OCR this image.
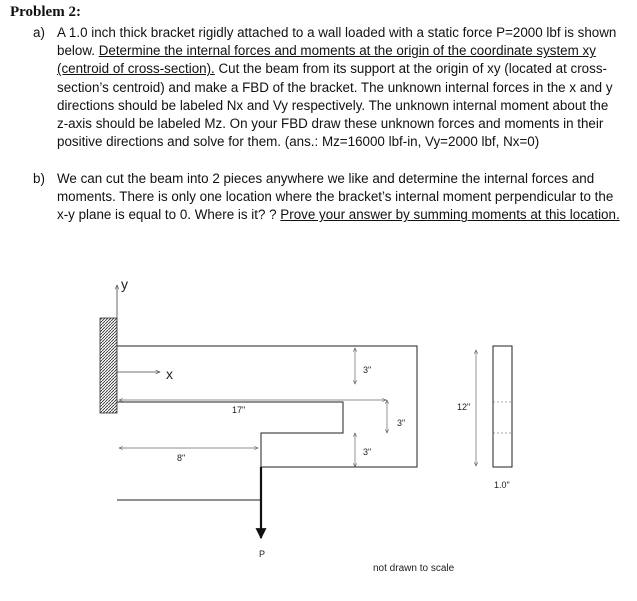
Problem 2:
a) A 1.0 inch thick bracket rigidly attached to a wall loaded with a static force P=2000 lbf is shown below. Determine the internal forces and moments at the origin of the coordinate system xy (centroid of cross-section). Cut the beam from its support at the origin of xy (located at cross-section’s centroid) and make a FBD of the bracket. The unknown internal forces in the x and y directions should be labeled Nx and Vy respectively. The unknown internal moment about the z-axis should be labeled Mz. On your FBD draw these unknown forces and moments in their positive directions and solve for them. (ans.: Mz=16000 lbf-in, Vy=2000 lbf, Nx=0)
b) We can cut the beam into 2 pieces anywhere we like and determine the internal forces and moments. There is only one location where the bracket’s internal moment perpendicular to the x-y plane is equal to 0. Where is it? ? Prove your answer by summing moments at this location.
y
x
17"
8"
3"
3"
3"
12"
1.0"
P
not drawn to scale
